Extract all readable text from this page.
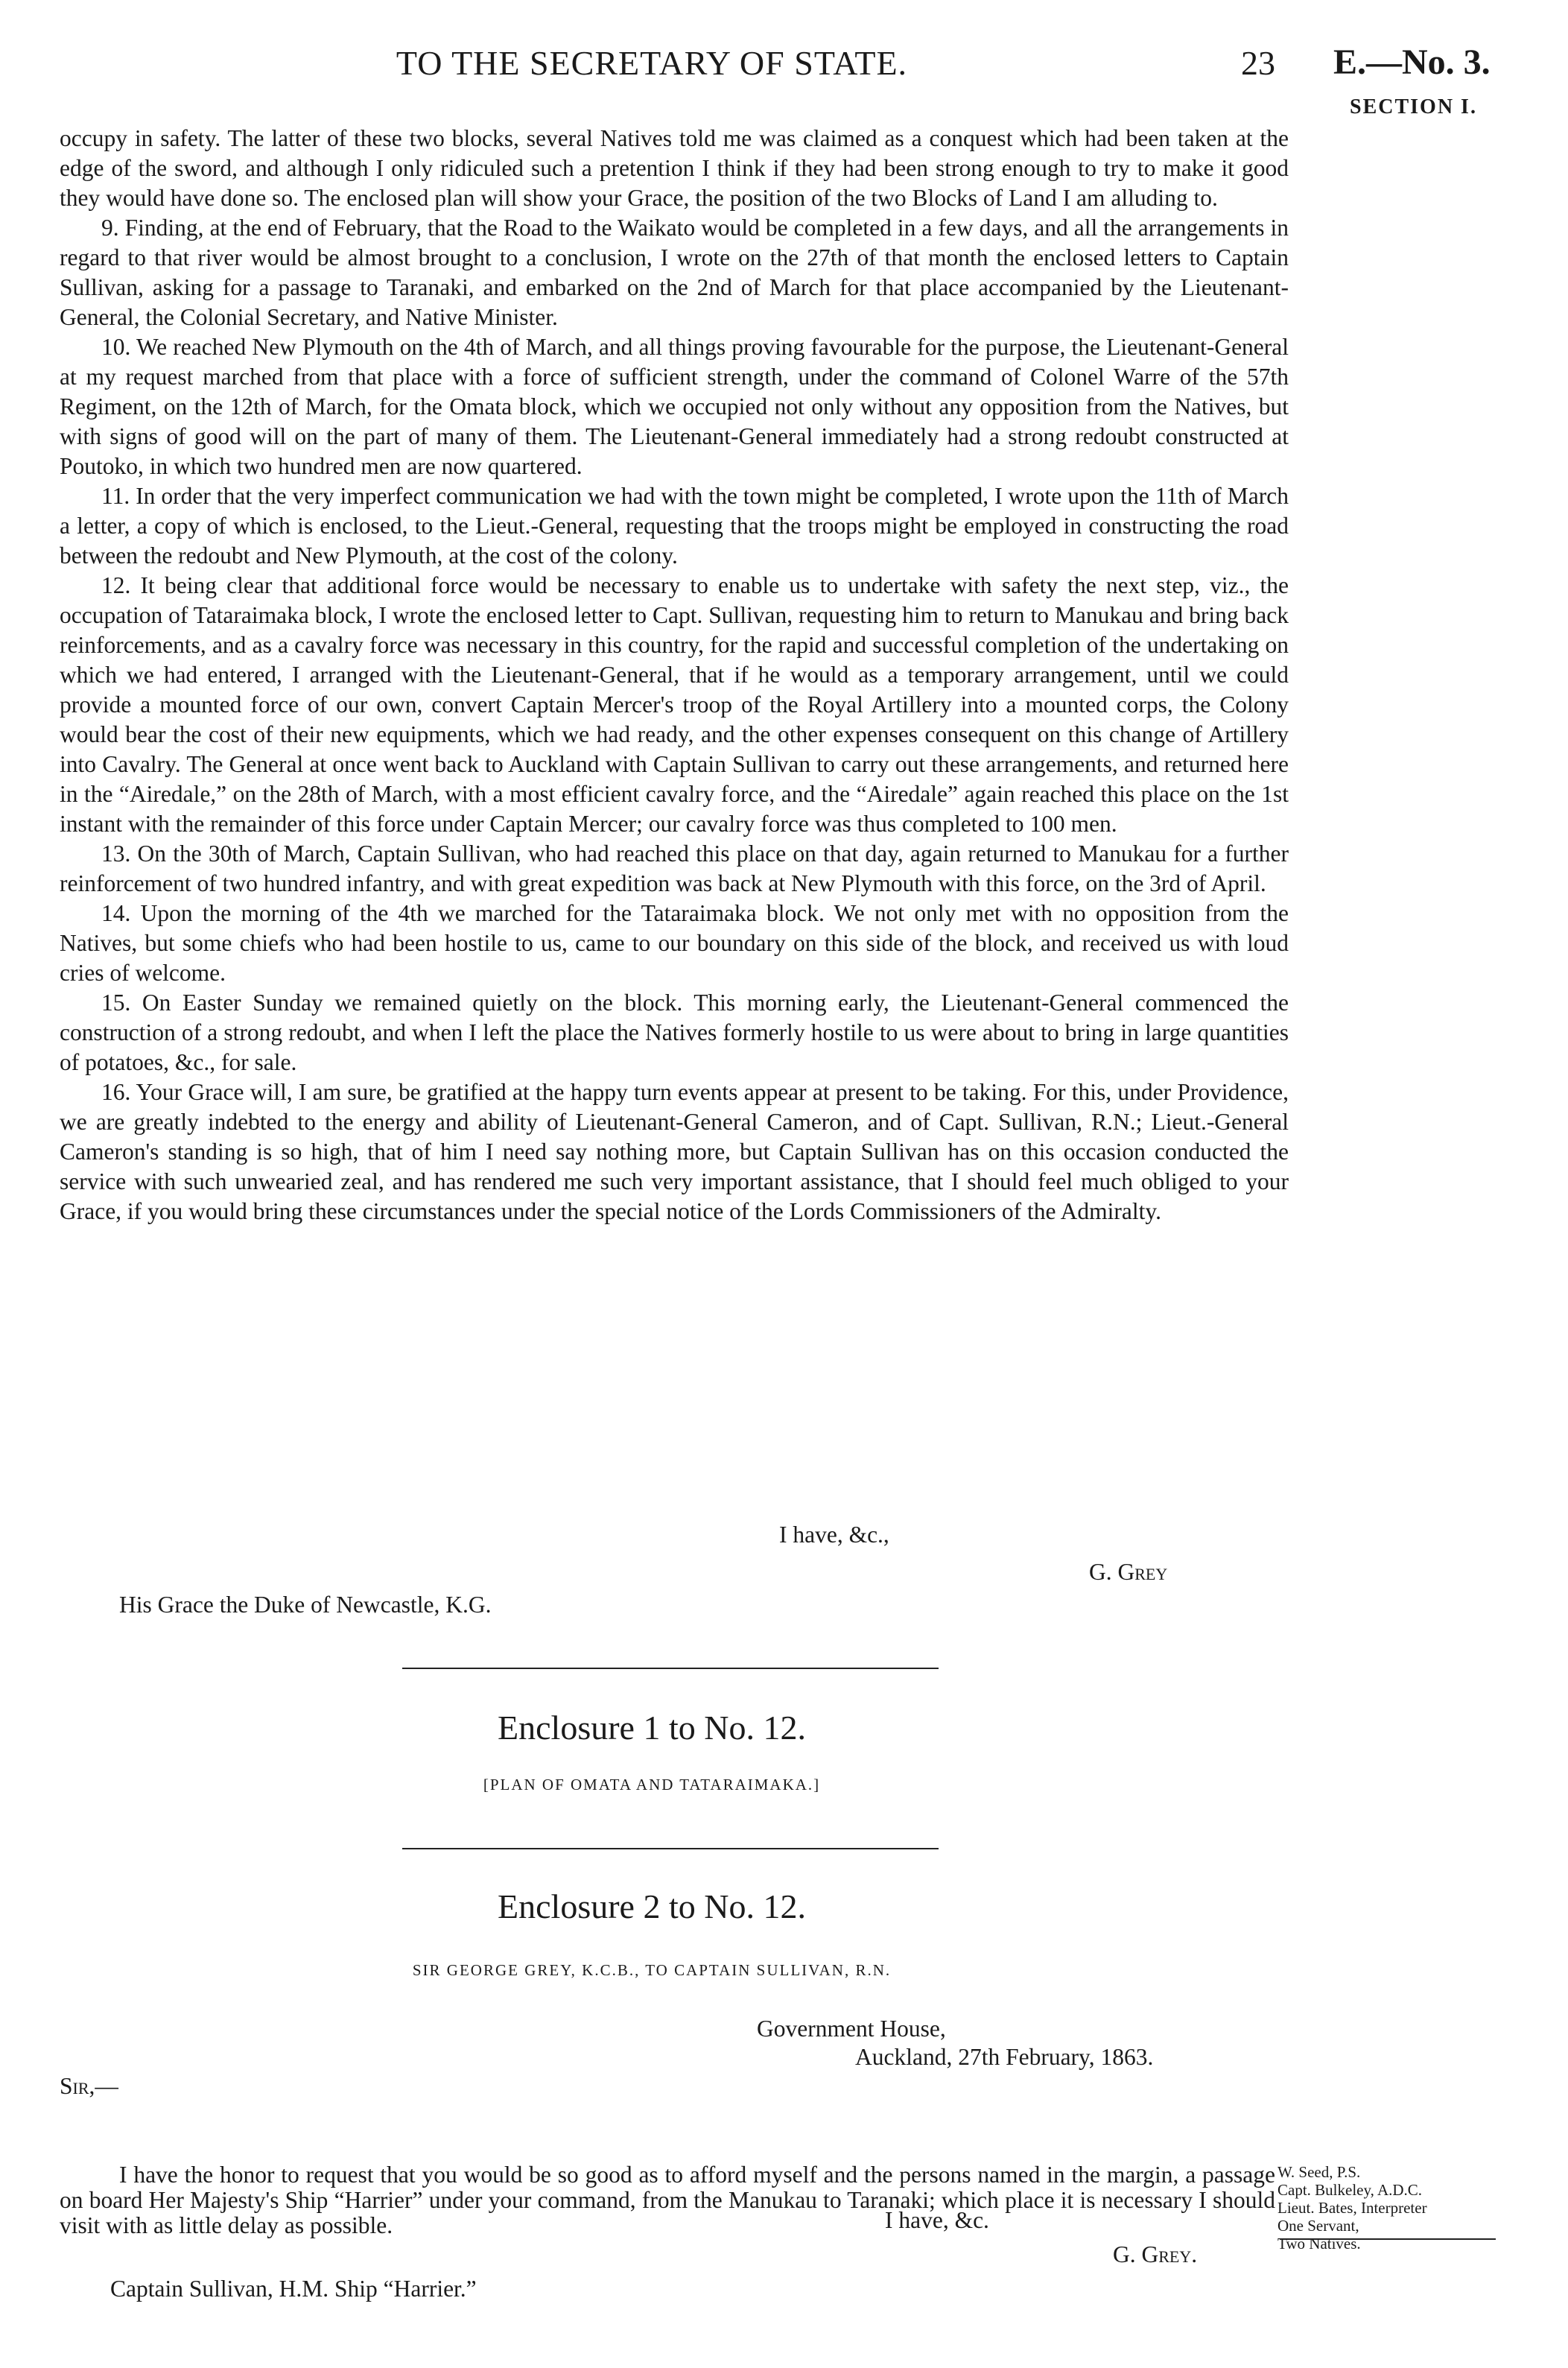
TO THE SECRETARY OF STATE.	23 E.—No. 3.
SECTION I.

occupy in safety. The latter of these two blocks, several Natives told me was claimed as a conquest which had been taken at the edge of the sword, and although I only ridiculed such a pretention I think if they had been strong enough to try to make it good they would have done so. The enclosed plan will show your Grace, the position of the two Blocks of Land I am alluding to.

9. Finding, at the end of February, that the Road to the Waikato would be completed in a few days, and all the arrangements in regard to that river would be almost brought to a conclusion, I wrote on the 27th of that month the enclosed letters to Captain Sullivan, asking for a passage to Taranaki, and embarked on the 2nd of March for that place accompanied by the Lieutenant-General, the Colonial Secretary, and Native Minister.

10. We reached New Plymouth on the 4th of March, and all things proving favourable for the purpose, the Lieutenant-General at my request marched from that place with a force of sufficient strength, under the command of Colonel Warre of the 57th Regiment, on the 12th of March, for the Omata block, which we occupied not only without any opposition from the Natives, but with signs of good will on the part of many of them. The Lieutenant-General immediately had a strong redoubt constructed at Poutoko, in which two hundred men are now quartered.

11. In order that the very imperfect communication we had with the town might be completed, I wrote upon the 11th of March a letter, a copy of which is enclosed, to the Lieut.-General, requesting that the troops might be employed in constructing the road between the redoubt and New Plymouth, at the cost of the colony.

12. It being clear that additional force would be necessary to enable us to undertake with safety the next step, viz., the occupation of Tataraimaka block, I wrote the enclosed letter to Capt. Sullivan, requesting him to return to Manukau and bring back reinforcements, and as a cavalry force was necessary in this country, for the rapid and successful completion of the undertaking on which we had entered, I arranged with the Lieutenant-General, that if he would as a temporary arrangement, until we could provide a mounted force of our own, convert Captain Mercer's troop of the Royal Artillery into a mounted corps, the Colony would bear the cost of their new equipments, which we had ready, and the other expenses consequent on this change of Artillery into Cavalry. The General at once went back to Auckland with Captain Sullivan to carry out these arrangements, and returned here in the “Airedale,” on the 28th of March, with a most efficient cavalry force, and the “Airedale” again reached this place on the 1st instant with the remainder of this force under Captain Mercer; our cavalry force was thus completed to 100 men.

13. On the 30th of March, Captain Sullivan, who had reached this place on that day, again returned to Manukau for a further reinforcement of two hundred infantry, and with great expedition was back at New Plymouth with this force, on the 3rd of April.

14. Upon the morning of the 4th we marched for the Tataraimaka block. We not only met with no opposition from the Natives, but some chiefs who had been hostile to us, came to our boundary on this side of the block, and received us with loud cries of welcome.

15. On Easter Sunday we remained quietly on the block. This morning early, the Lieutenant-General commenced the construction of a strong redoubt, and when I left the place the Natives formerly hostile to us were about to bring in large quantities of potatoes, &c., for sale.

16. Your Grace will, I am sure, be gratified at the happy turn events appear at present to be taking. For this, under Providence, we are greatly indebted to the energy and ability of Lieutenant-General Cameron, and of Capt. Sullivan, R.N.; Lieut.-General Cameron's standing is so high, that of him I need say nothing more, but Captain Sullivan has on this occasion conducted the service with such unwearied zeal, and has rendered me such very important assistance, that I should feel much obliged to your Grace, if you would bring these circumstances under the special notice of the Lords Commissioners of the Admiralty.

I have, &c.,
G. Grey
His Grace the Duke of Newcastle, K.G.
Enclosure 1 to No. 12.
[PLAN OF OMATA AND TATARAIMAKA.]
Enclosure 2 to No. 12.
SIR GEORGE GREY, K.C.B., TO CAPTAIN SULLIVAN, R.N.
Government House,
Auckland, 27th February, 1863.
Sir,—

I have the honor to request that you would be so good as to afford myself and the persons named in the margin, a passage on board Her Majesty's Ship “Harrier” under your command, from the Manukau to Taranaki; which place it is necessary I should visit with as little delay as possible.

W. Seed, P.S.
Capt. Bulkeley, A.D.C.
Lieut. Bates, Interpreter
One Servant,
Two Natives.
I have, &c.
G. Grey.
Captain Sullivan, H.M. Ship “Harrier.”
